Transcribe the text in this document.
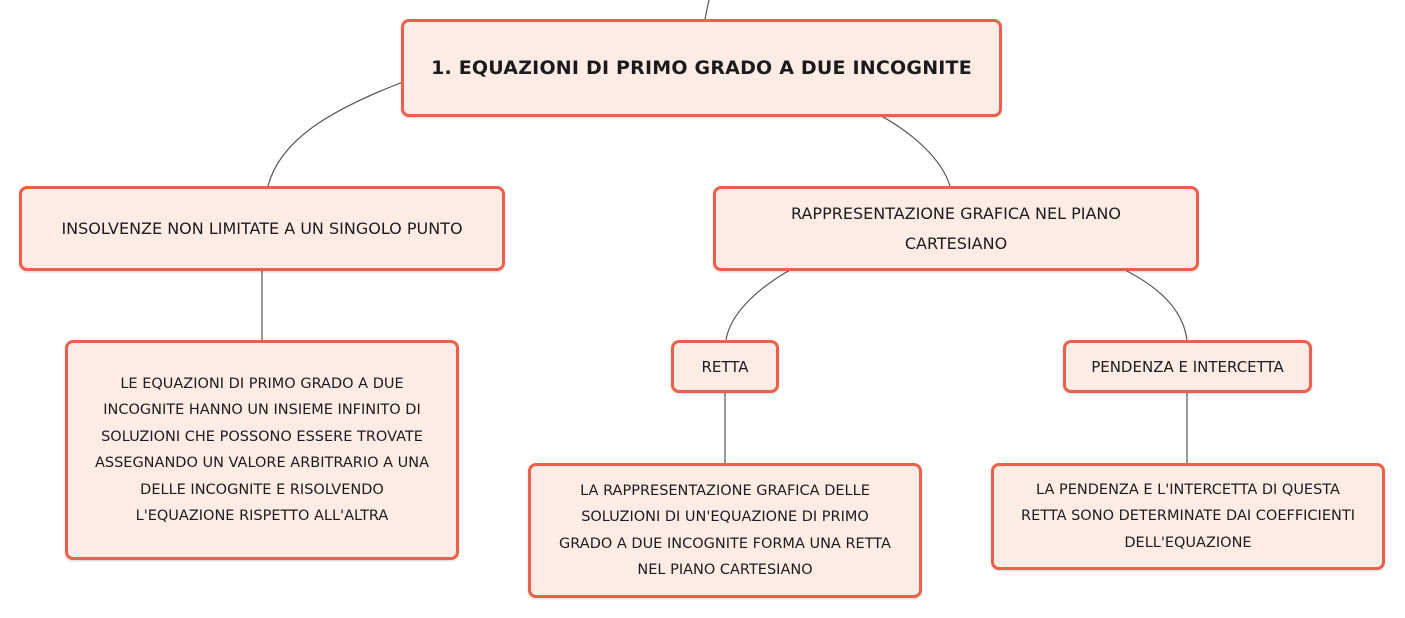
1. EQUAZIONI DI PRIMO GRADO A DUE INCOGNITE
INSOLVENZE NON LIMITATE A UN SINGOLO PUNTO
RAPPRESENTAZIONE GRAFICA NEL PIANO CARTESIANO
LE EQUAZIONI DI PRIMO GRADO A DUE INCOGNITE HANNO UN INSIEME INFINITO DI SOLUZIONI CHE POSSONO ESSERE TROVATE ASSEGNANDO UN VALORE ARBITRARIO A UNA DELLE INCOGNITE E RISOLVENDO L'EQUAZIONE RISPETTO ALL'ALTRA
RETTA	PENDENZA E INTERCETTA
LA RAPPRESENTAZIONE GRAFICA DELLE SOLUZIONI DI UN'EQUAZIONE DI PRIMO GRADO A DUE INCOGNITE FORMA UNA RETTA NEL PIANO CARTESIANO
LA PENDENZA E L'INTERCETTA DI QUESTA RETTA SONO DETERMINATE DAI COEFFICIENTI DELL'EQUAZIONE
